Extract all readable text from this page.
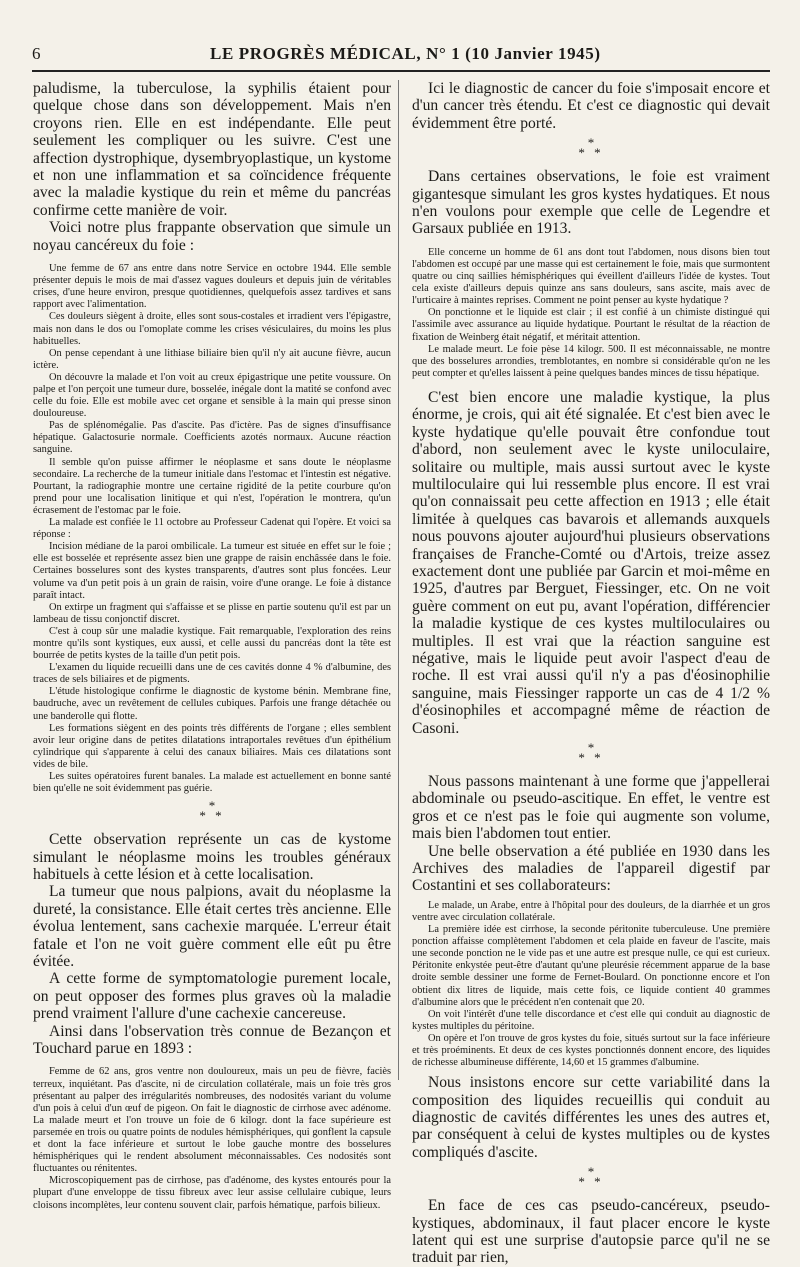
6	LE PROGRÈS MÉDICAL, N° 1 (10 Janvier 1945)

paludisme, la tuberculose, la syphilis étaient pour quelque chose dans son développement. Mais n'en croyons rien. Elle en est indépendante. Elle peut seulement les compliquer ou les suivre. C'est une affection dystrophique, dysembryoplastique, un kystome et non une inflammation et sa coïncidence fréquente avec la maladie kystique du rein et même du pancréas confirme cette manière de voir.

Voici notre plus frappante observation que simule un noyau cancéreux du foie :

Une femme de 67 ans entre dans notre Service en octobre 1944. Elle semble présenter depuis le mois de mai d'assez vagues douleurs et depuis juin de véritables crises, d'une heure environ, presque quotidiennes, quelquefois assez tardives et sans rapport avec l'alimentation.

Ces douleurs siègent à droite, elles sont sous-costales et irradient vers l'épigastre, mais non dans le dos ou l'omoplate comme les crises vésiculaires, du moins les plus habituelles.

On pense cependant à une lithiase biliaire bien qu'il n'y ait aucune fièvre, aucun ictère.

On découvre la malade et l'on voit au creux épigastrique une petite voussure. On palpe et l'on perçoit une tumeur dure, bosselée, inégale dont la matité se confond avec celle du foie. Elle est mobile avec cet organe et sensible à la main qui presse sinon douloureuse.

Pas de splénomégalie. Pas d'ascite. Pas d'ictère. Pas de signes d'insuffisance hépatique. Galactosurie normale. Coefficients azotés normaux. Aucune réaction sanguine.

Il semble qu'on puisse affirmer le néoplasme et sans doute le néoplasme secondaire. La recherche de la tumeur initiale dans l'estomac et l'intestin est négative. Pourtant, la radiographie montre une certaine rigidité de la petite courbure qu'on prend pour une localisation linitique et qui n'est, l'opération le montrera, qu'un écrasement de l'estomac par le foie.

La malade est confiée le 11 octobre au Professeur Cadenat qui l'opère. Et voici sa réponse :

Incision médiane de la paroi ombilicale. La tumeur est située en effet sur le foie ; elle est bosselée et représente assez bien une grappe de raisin enchâssée dans le foie. Certaines bosselures sont des kystes transparents, d'autres sont plus foncées. Leur volume va d'un petit pois à un grain de raisin, voire d'une orange. Le foie à distance paraît intact.

On extirpe un fragment qui s'affaisse et se plisse en partie soutenu qu'il est par un lambeau de tissu conjonctif discret.

C'est à coup sûr une maladie kystique. Fait remarquable, l'exploration des reins montre qu'ils sont kystiques, eux aussi, et celle aussi du pancréas dont la tête est bourrée de petits kystes de la taille d'un petit pois.

L'examen du liquide recueilli dans une de ces cavités donne 4 % d'albumine, des traces de sels biliaires et de pigments.

L'étude histologique confirme le diagnostic de kystome bénin. Membrane fine, baudruche, avec un revêtement de cellules cubiques. Parfois une frange détachée ou une banderolle qui flotte.

Les formations siègent en des points très différents de l'organe ; elles semblent avoir leur origine dans de petites dilatations intraportales revêtues d'un épithélium cylindrique qui s'apparente à celui des canaux biliaires. Mais ces dilatations sont vides de bile.

Les suites opératoires furent banales. La malade est actuellement en bonne santé bien qu'elle ne soit évidemment pas guérie.

*
* *

Cette observation représente un cas de kystome simulant le néoplasme moins les troubles généraux habituels à cette lésion et à cette localisation.

La tumeur que nous palpions, avait du néoplasme la dureté, la consistance. Elle était certes très ancienne. Elle évolua lentement, sans cachexie marquée. L'erreur était fatale et l'on ne voit guère comment elle eût pu être évitée.

A cette forme de symptomatologie purement locale, on peut opposer des formes plus graves où la maladie prend vraiment l'allure d'une cachexie cancereuse.

Ainsi dans l'observation très connue de Bezançon et Touchard parue en 1893 :

Femme de 62 ans, gros ventre non douloureux, mais un peu de fièvre, faciès terreux, inquiétant. Pas d'ascite, ni de circulation collatérale, mais un foie très gros présentant au palper des irrégularités nombreuses, des nodosités variant du volume d'un pois à celui d'un œuf de pigeon. On fait le diagnostic de cirrhose avec adénome. La malade meurt et l'on trouve un foie de 6 kilogr. dont la face supérieure est parsemée en trois ou quatre points de nodules hémisphériques, qui gonflent la capsule et dont la face inférieure et surtout le lobe gauche montre des bosselures hémisphériques qui le rendent absolument méconnaissables. Ces nodosités sont fluctuantes ou rénitentes.

Microscopiquement pas de cirrhose, pas d'adénome, des kystes entourés pour la plupart d'une enveloppe de tissu fibreux avec leur assise cellulaire cubique, leurs cloisons incomplètes, leur contenu souvent clair, parfois hématique, parfois bilieux.

Ici le diagnostic de cancer du foie s'imposait encore et d'un cancer très étendu. Et c'est ce diagnostic qui devait évidemment être porté.

*
* *

Dans certaines observations, le foie est vraiment gigantesque simulant les gros kystes hydatiques. Et nous n'en voulons pour exemple que celle de Legendre et Garsaux publiée en 1913.

Elle concerne un homme de 61 ans dont tout l'abdomen, nous disons bien tout l'abdomen est occupé par une masse qui est certainement le foie, mais que surmontent quatre ou cinq saillies hémisphériques qui éveillent d'ailleurs l'idée de kystes. Tout cela existe d'ailleurs depuis quinze ans sans douleurs, sans ascite, mais avec de l'urticaire à maintes reprises. Comment ne point penser au kyste hydatique ?

On ponctionne et le liquide est clair ; il est confié à un chimiste distingué qui l'assimile avec assurance au liquide hydatique. Pourtant le résultat de la réaction de fixation de Weinberg était négatif, et méritait attention.

Le malade meurt. Le foie pèse 14 kilogr. 500. Il est méconnaissable, ne montre que des bosselures arrondies, tremblotantes, en nombre si considérable qu'on ne les peut compter et qu'elles laissent à peine quelques bandes minces de tissu hépatique.

C'est bien encore une maladie kystique, la plus énorme, je crois, qui ait été signalée. Et c'est bien avec le kyste hydatique qu'elle pouvait être confondue tout d'abord, non seulement avec le kyste uniloculaire, solitaire ou multiple, mais aussi surtout avec le kyste multiloculaire qui lui ressemble plus encore. Il est vrai qu'on connaissait peu cette affection en 1913 ; elle était limitée à quelques cas bavarois et allemands auxquels nous pouvons ajouter aujourd'hui plusieurs observations françaises de Franche-Comté ou d'Artois, treize assez exactement dont une publiée par Garcin et moi-même en 1925, d'autres par Berguet, Fiessinger, etc. On ne voit guère comment on eut pu, avant l'opération, différencier la maladie kystique de ces kystes multiloculaires ou multiples. Il est vrai que la réaction sanguine est négative, mais le liquide peut avoir l'aspect d'eau de roche. Il est vrai aussi qu'il n'y a pas d'éosinophilie sanguine, mais Fiessinger rapporte un cas de 4 1/2 % d'éosinophiles et accompagné même de réaction de Casoni.

*
* *

Nous passons maintenant à une forme que j'appellerai abdominale ou pseudo-ascitique. En effet, le ventre est gros et ce n'est pas le foie qui augmente son volume, mais bien l'abdomen tout entier.

Une belle observation a été publiée en 1930 dans les Archives des maladies de l'appareil digestif par Costantini et ses collaborateurs:

Le malade, un Arabe, entre à l'hôpital pour des douleurs, de la diarrhée et un gros ventre avec circulation collatérale.

La première idée est cirrhose, la seconde péritonite tuberculeuse. Une première ponction affaisse complètement l'abdomen et cela plaide en faveur de l'ascite, mais une seconde ponction ne le vide pas et une autre est presque nulle, ce qui est curieux. Péritonite enkystée peut-être d'autant qu'une pleurésie récemment apparue de la base droite semble dessiner une forme de Fernet-Boulard. On ponctionne encore et l'on obtient dix litres de liquide, mais cette fois, ce liquide contient 40 grammes d'albumine alors que le précédent n'en contenait que 20.

On voit l'intérêt d'une telle discordance et c'est elle qui conduit au diagnostic de kystes multiples du péritoine.

On opère et l'on trouve de gros kystes du foie, situés surtout sur la face inférieure et très proéminents. Et deux de ces kystes ponctionnés donnent encore, des liquides de richesse albumineuse différente, 14,60 et 15 grammes d'albumine.

Nous insistons encore sur cette variabilité dans la composition des liquides recueillis qui conduit au diagnostic de cavités différentes les unes des autres et, par conséquent à celui de kystes multiples ou de kystes compliqués d'ascite.

*
* *

En face de ces cas pseudo-cancéreux, pseudo-kystiques, abdominaux, il faut placer encore le kyste latent qui est une surprise d'autopsie parce qu'il ne se traduit par rien,
